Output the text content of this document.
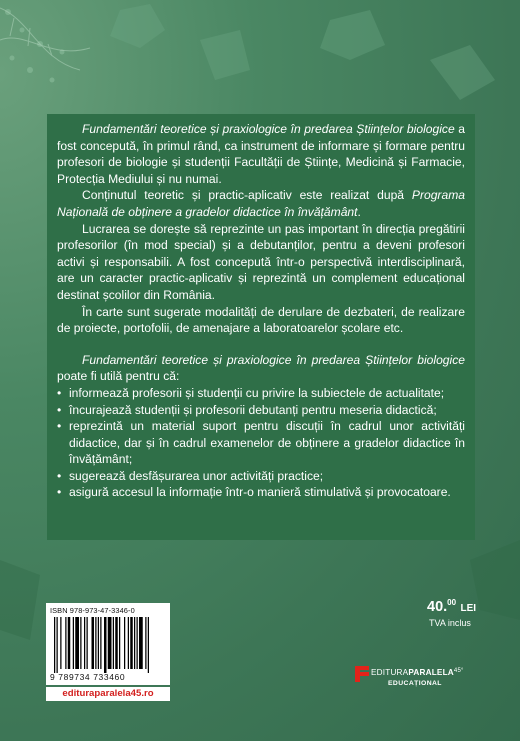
Fundamentări teoretice și praxiologice în predarea Științelor biologice a fost concepută, în primul rând, ca instrument de informare și formare pentru profesori de biologie și studenții Facultății de Științe, Medicină și Farmacie, Protecția Mediului și nu numai.

Conținutul teoretic și practic-aplicativ este realizat după Programa Națională de obținere a gradelor didactice în învățământ.

Lucrarea se dorește să reprezinte un pas important în direcția pregătirii profesorilor (în mod special) și a debutanților, pentru a deveni profesori activi și responsabili. A fost concepută într-o perspectivă interdisciplinară, are un caracter practic-aplicativ și reprezintă un complement educațional destinat școlilor din România.

În carte sunt sugerate modalități de derulare de dezbateri, de realizare de proiecte, portofolii, de amenajare a laboratoarelor școlare etc.

Fundamentări teoretice și praxiologice în predarea Științelor biologice poate fi utilă pentru că:

• informează profesorii și studenții cu privire la subiectele de actualitate;
• încurajează studenții și profesorii debutanți pentru meseria didactică;
• reprezintă un material suport pentru discuții în cadrul unor activități didactice, dar și în cadrul examenelor de obținere a gradelor didactice în învățământ;
• sugerează desfășurarea unor activități practice;
• asigură accesul la informație într-o manieră stimulativă și provocatoare.
ISBN 978-973-47-3346-0
9 789734 733460
edituraparalela45.ro
40.00 LEI
TVA inclus
$EDITURAPARALELA^{45^\circ}$
EDUCAȚIONAL
